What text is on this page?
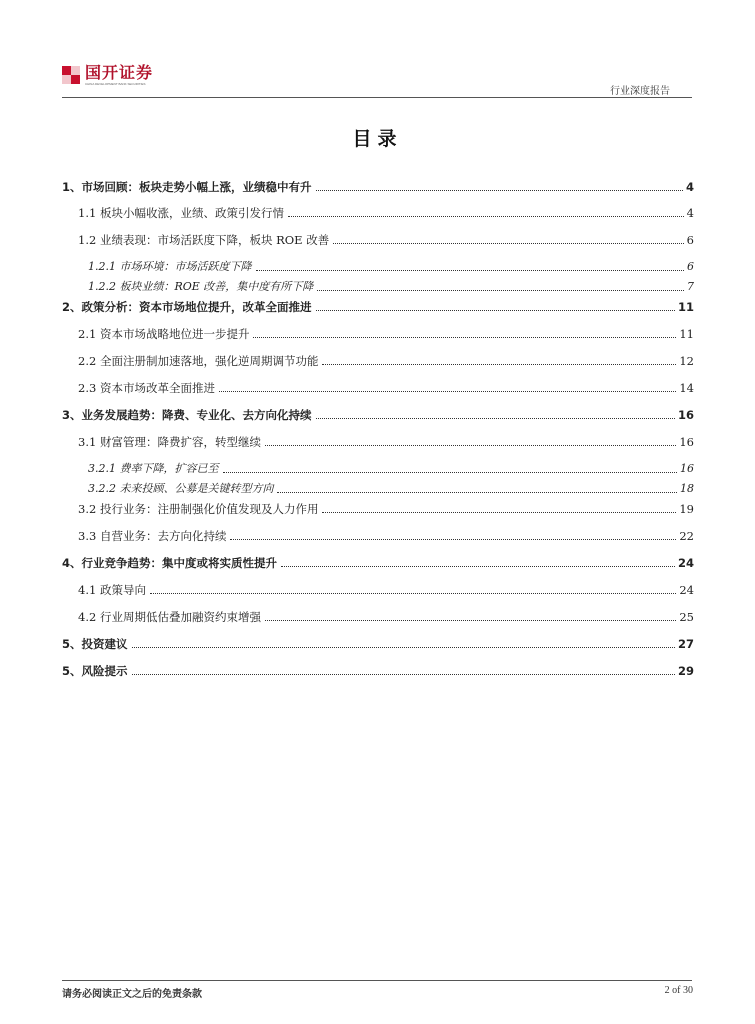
国开证券
CHINA DEVELOPMENT BANK SECURITIES
行业深度报告
目录
1、市场回顾：板块走势小幅上涨，业绩稳中有升	4
1.1 板块小幅收涨，业绩、政策引发行情	4
1.2 业绩表现：市场活跃度下降，板块 ROE 改善	6
1.2.1 市场环境：市场活跃度下降	6
1.2.2 板块业绩：ROE 改善，集中度有所下降	7
2、政策分析：资本市场地位提升，改革全面推进	11
2.1 资本市场战略地位进一步提升	11
2.2 全面注册制加速落地，强化逆周期调节功能	12
2.3 资本市场改革全面推进	14
3、业务发展趋势：降费、专业化、去方向化持续	16
3.1 财富管理：降费扩容，转型继续	16
3.2.1 费率下降，扩容已至	16
3.2.2 未来投顾、公募是关键转型方向	18
3.2 投行业务：注册制强化价值发现及人力作用	19
3.3 自营业务：去方向化持续	22
4、行业竞争趋势：集中度或将实质性提升	24
4.1 政策导向	24
4.2 行业周期低估叠加融资约束增强	25
5、投资建议	27
5、风险提示	29
请务必阅读正文之后的免责条款	2 of 30
